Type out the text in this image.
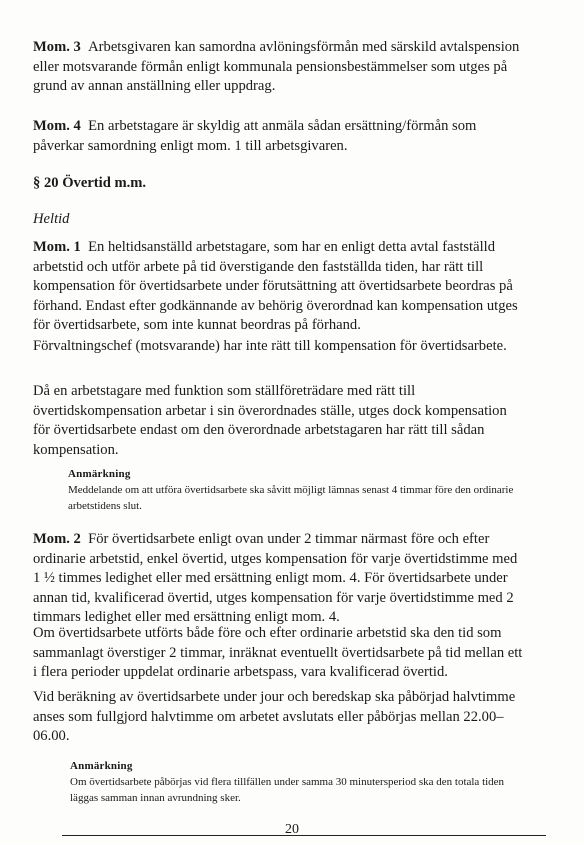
Mom. 3 Arbetsgivaren kan samordna avlöningsförmån med särskild avtalspension eller motsvarande förmån enligt kommunala pensionsbestämmelser som utges på grund av annan anställning eller uppdrag.

Mom. 4 En arbetstagare är skyldig att anmäla sådan ersättning/förmån som påverkar samordning enligt mom. 1 till arbetsgivaren.

§ 20 Övertid m.m.
Heltid

Mom. 1 En heltidsanställd arbetstagare, som har en enligt detta avtal fastställd arbetstid och utför arbete på tid överstigande den fastställda tiden, har rätt till kompensation för övertidsarbete under förutsättning att övertidsarbete beordras på förhand. Endast efter godkännande av behörig överordnad kan kompensation utges för övertidsarbete, som inte kunnat beordras på förhand.

Förvaltningschef (motsvarande) har inte rätt till kompensation för övertidsarbete.

Då en arbetstagare med funktion som ställföreträdare med rätt till övertidskompensation arbetar i sin överordnades ställe, utges dock kompensation för övertidsarbete endast om den överordnade arbetstagaren har rätt till sådan kompensation.

Anmärkning

Meddelande om att utföra övertidsarbete ska såvitt möjligt lämnas senast 4 timmar före den ordinarie arbetstidens slut.

Mom. 2 För övertidsarbete enligt ovan under 2 timmar närmast före och efter ordinarie arbetstid, enkel övertid, utges kompensation för varje övertidstimme med 1 ½ timmes ledighet eller med ersättning enligt mom. 4. För övertidsarbete under annan tid, kvalificerad övertid, utges kompensation för varje övertidstimme med 2 timmars ledighet eller med ersättning enligt mom. 4.

Om övertidsarbete utförts både före och efter ordinarie arbetstid ska den tid som sammanlagt överstiger 2 timmar, inräknat eventuellt övertidsarbete på tid mellan ett i flera perioder uppdelat ordinarie arbetspass, vara kvalificerad övertid.

Vid beräkning av övertidsarbete under jour och beredskap ska påbörjad halvtimme anses som fullgjord halvtimme om arbetet avslutats eller påbörjas mellan 22.00–06.00.

Anmärkning

Om övertidsarbete påbörjas vid flera tillfällen under samma 30 minutersperiod ska den totala tiden läggas samman innan avrundning sker.

20
